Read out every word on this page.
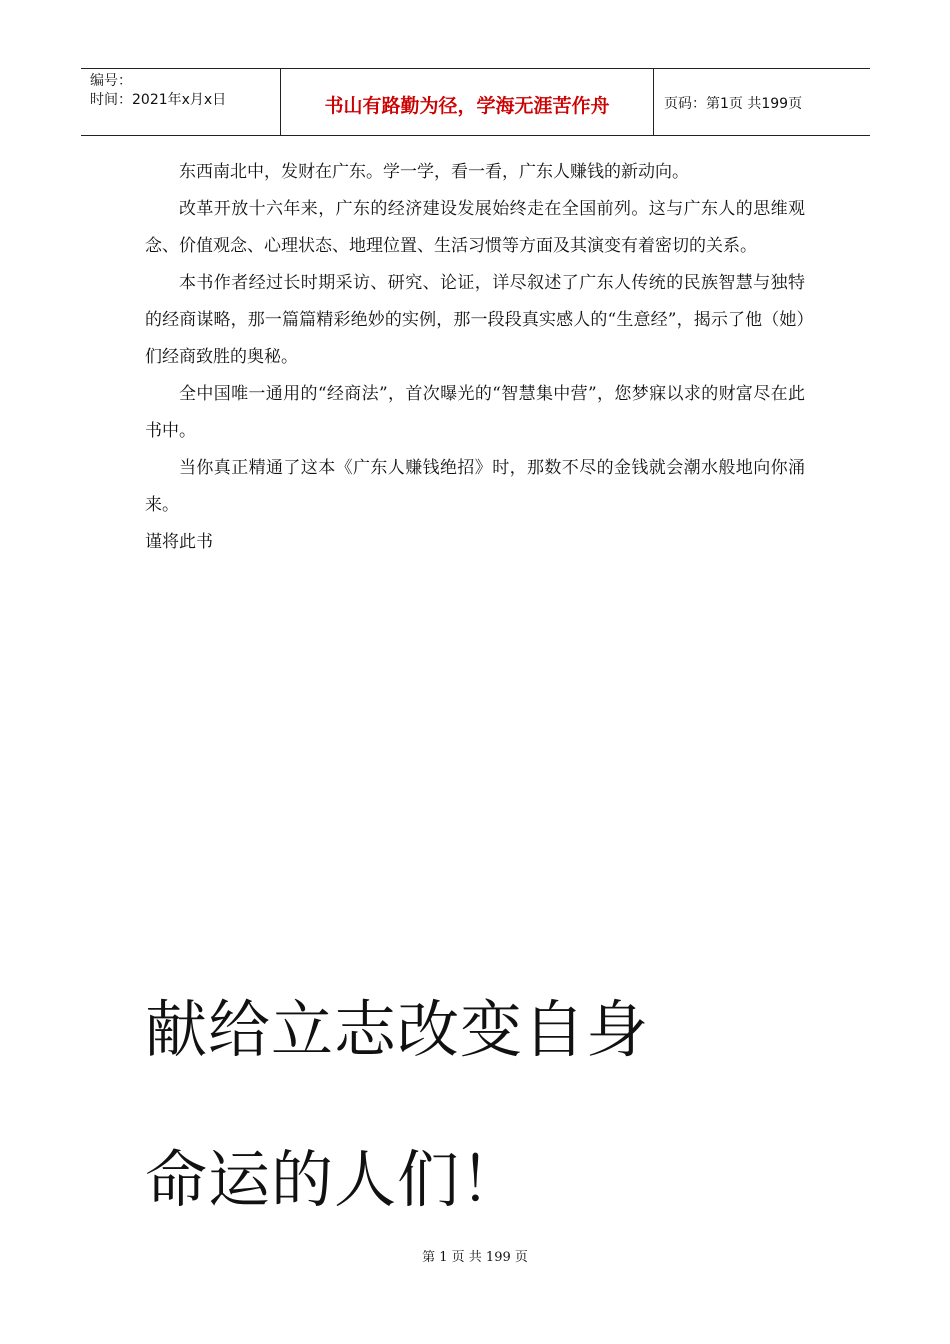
编号：
时间：2021年x月x日	书山有路勤为径，学海无涯苦作舟	页码：第1页 共199页

东西南北中，发财在广东。学一学，看一看，广东人赚钱的新动向。

改革开放十六年来，广东的经济建设发展始终走在全国前列。这与广东人的思维观念、价值观念、心理状态、地理位置、生活习惯等方面及其演变有着密切的关系。

本书作者经过长时期采访、研究、论证，详尽叙述了广东人传统的民族智慧与独特的经商谋略，那一篇篇精彩绝妙的实例，那一段段真实感人的“生意经”，揭示了他（她）们经商致胜的奥秘。

全中国唯一通用的“经商法”，首次曝光的“智慧集中营”，您梦寐以求的财富尽在此书中。

当你真正精通了这本《广东人赚钱绝招》时，那数不尽的金钱就会潮水般地向你涌来。

谨将此书

献给立志改变自身
命运的人们！
第 1 页 共 199 页
